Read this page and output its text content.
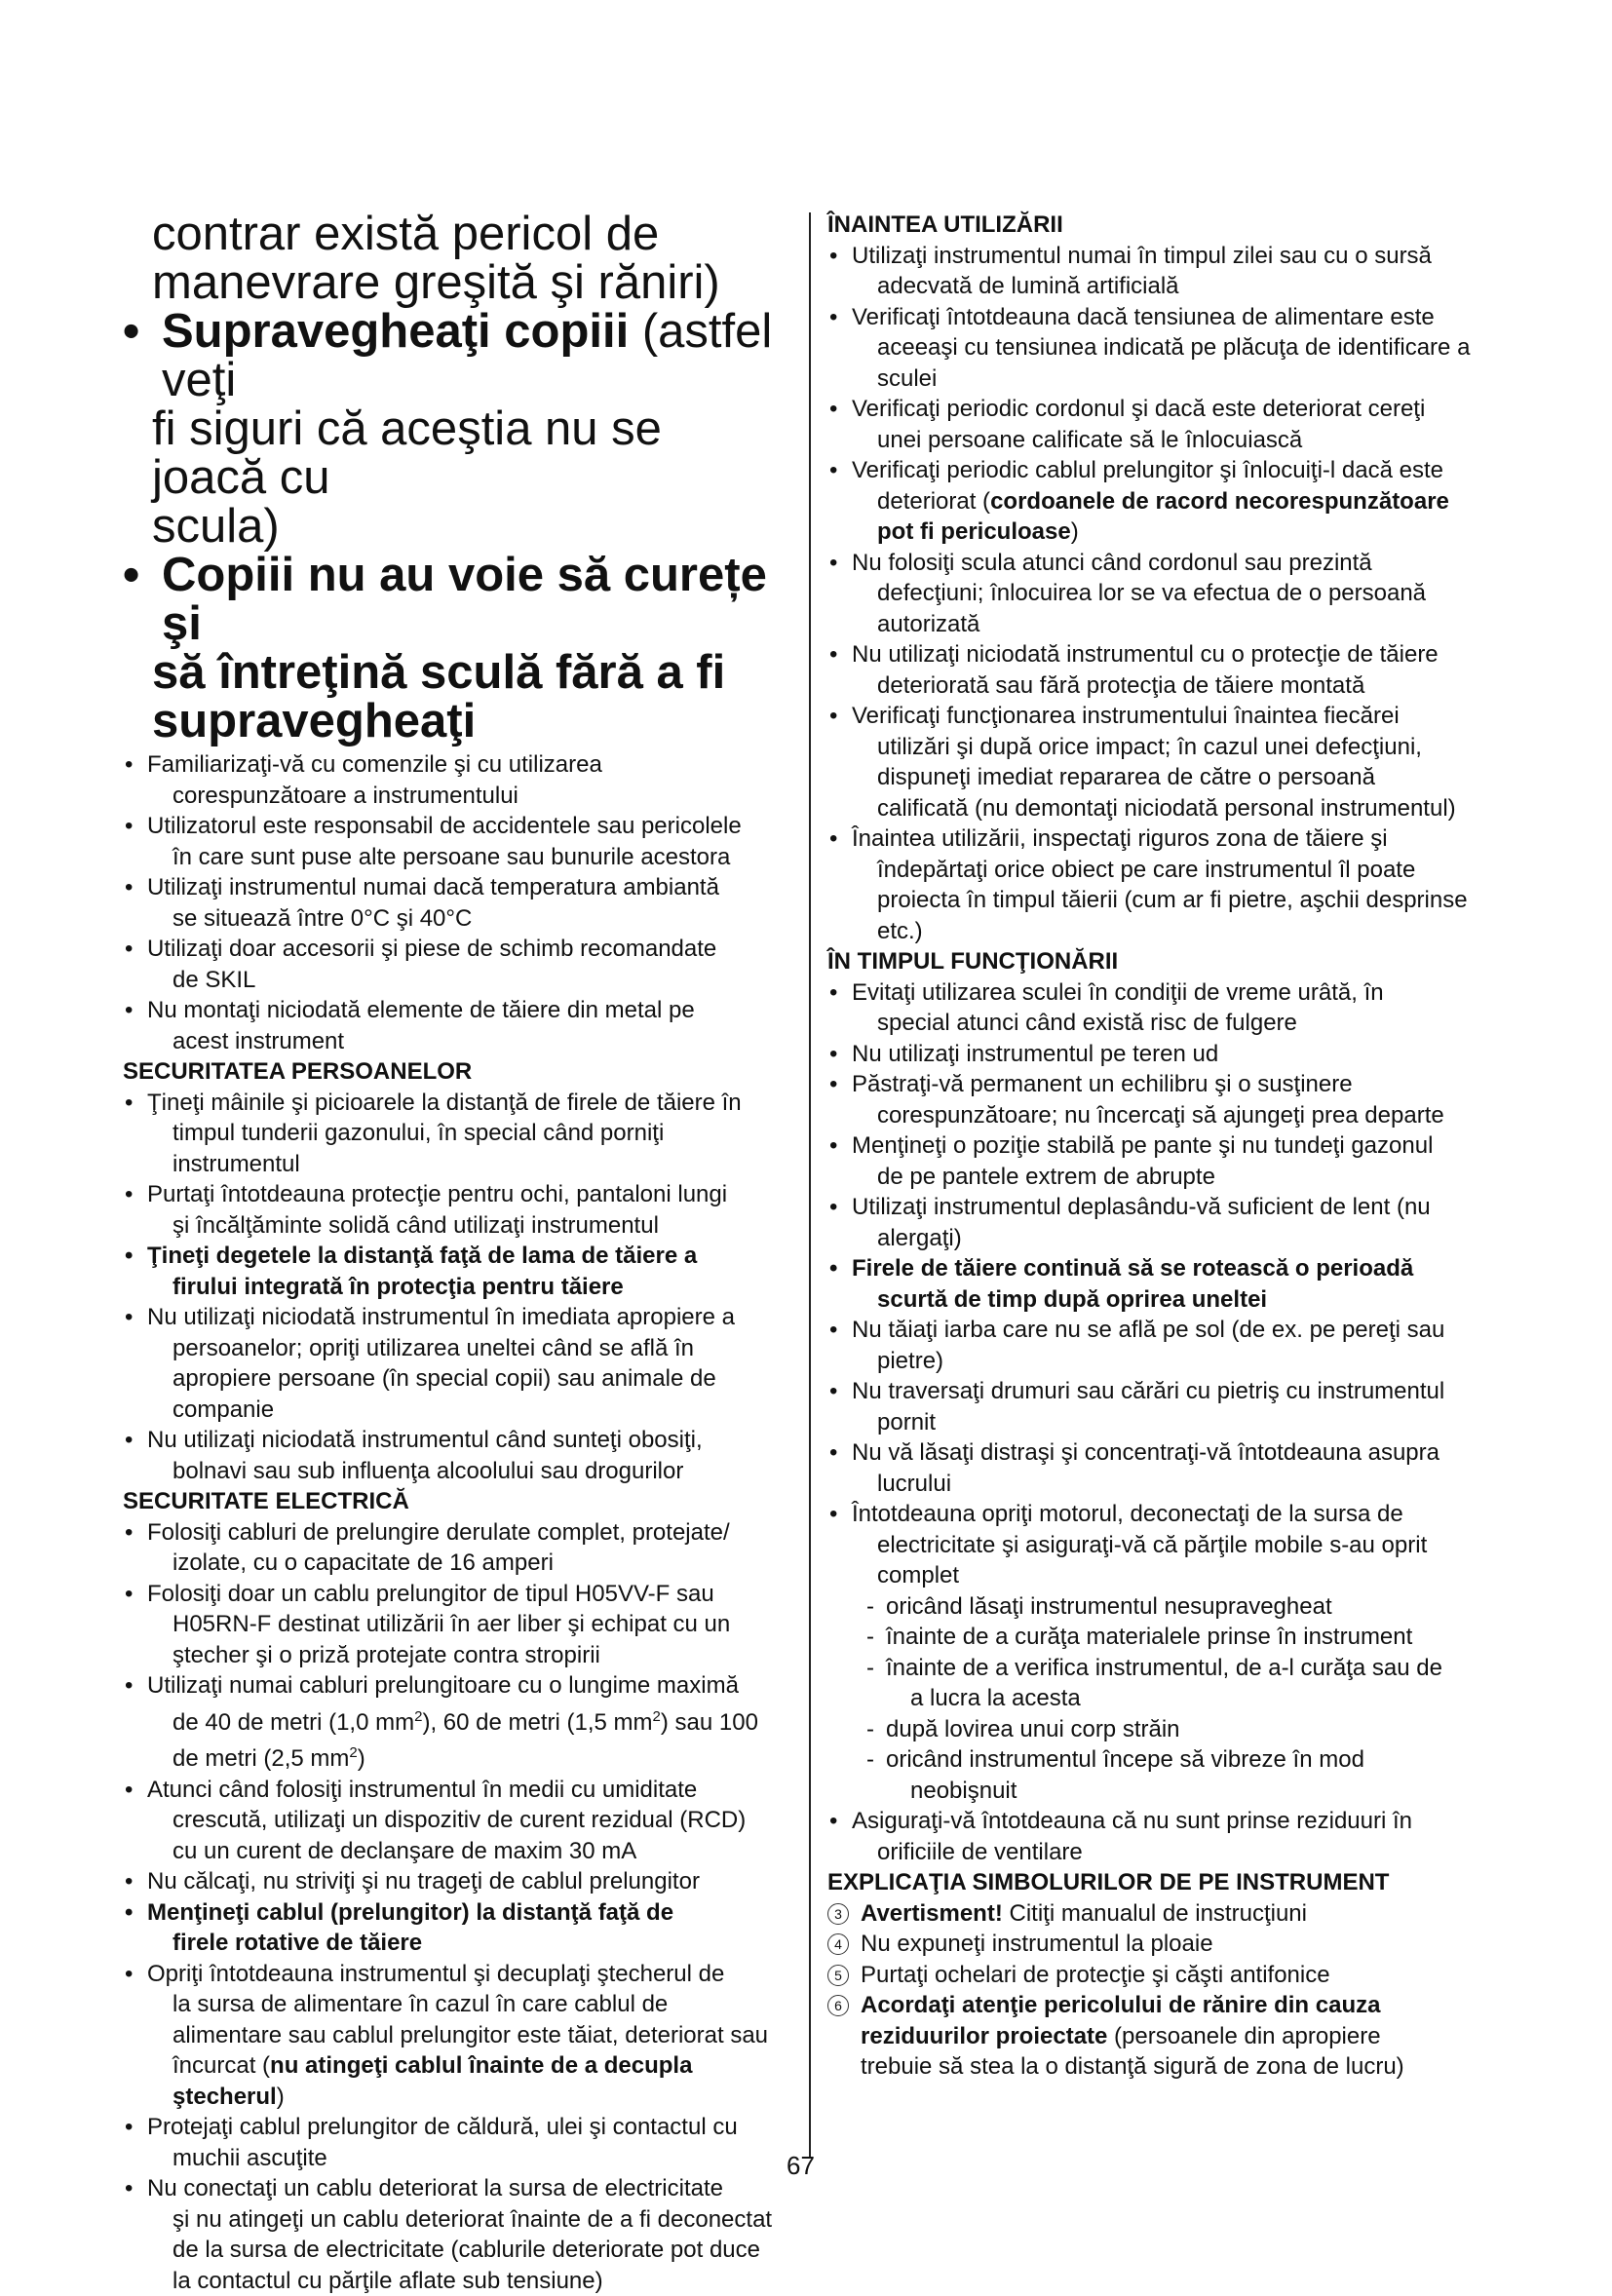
contrar există pericol de

manevrare greşită şi răniri)

• Supravegheaţi copiii (astfel veţi

fi siguri că aceştia nu se joacă cu

scula)

• Copiii nu au voie să curețe şi

să întreţină sculă fără a fi

supravegheaţi

• Familiarizaţi-vă cu comenzile şi cu utilizarea
corespunzătoare a instrumentului
• Utilizatorul este responsabil de accidentele sau pericolele
în care sunt puse alte persoane sau bunurile acestora
• Utilizaţi instrumentul numai dacă temperatura ambiantă
se situează între 0°C şi 40°C
• Utilizaţi doar accesorii şi piese de schimb recomandate
de SKIL
• Nu montaţi niciodată elemente de tăiere din metal pe
acest instrument
SECURITATEA PERSOANELOR
• Ţineţi mâinile şi picioarele la distanţă de firele de tăiere în
timpul tunderii gazonului, în special când porniţi
instrumentul
• Purtaţi întotdeauna protecţie pentru ochi, pantaloni lungi
şi încălţăminte solidă când utilizaţi instrumentul
• Ţineţi degetele la distanţă faţă de lama de tăiere a
firului integrată în protecţia pentru tăiere
• Nu utilizaţi niciodată instrumentul în imediata apropiere a
persoanelor; opriţi utilizarea uneltei când se află în
apropiere persoane (în special copii) sau animale de
companie
• Nu utilizaţi niciodată instrumentul când sunteţi obosiţi,
bolnavi sau sub influenţa alcoolului sau drogurilor
SECURITATE ELECTRICĂ
• Folosiţi cabluri de prelungire derulate complet, protejate/
izolate, cu o capacitate de 16 amperi
• Folosiţi doar un cablu prelungitor de tipul H05VV-F sau
H05RN-F destinat utilizării în aer liber şi echipat cu un
ştecher şi o priză protejate contra stropirii
• Utilizaţi numai cabluri prelungitoare cu o lungime maximă
de 40 de metri (1,0 $mm^2$), 60 de metri (1,5 $mm^2$) sau 100
de metri (2,5 $mm^2$)
• Atunci când folosiţi instrumentul în medii cu umiditate
crescută, utilizaţi un dispozitiv de curent rezidual (RCD)
cu un curent de declanşare de maxim 30 mA
• Nu călcaţi, nu striviţi şi nu trageţi de cablul prelungitor
• Menţineţi cablul (prelungitor) la distanţă faţă de
firele rotative de tăiere
• Opriţi întotdeauna instrumentul şi decuplaţi ştecherul de
la sursa de alimentare în cazul în care cablul de
alimentare sau cablul prelungitor este tăiat, deteriorat sau
încurcat (nu atingeţi cablul înainte de a decupla
ştecherul)
• Protejaţi cablul prelungitor de căldură, ulei şi contactul cu
muchii ascuţite
• Nu conectaţi un cablu deteriorat la sursa de electricitate
şi nu atingeţi un cablu deteriorat înainte de a fi deconectat
de la sursa de electricitate (cablurile deteriorate pot duce
la contactul cu părţile aflate sub tensiune)
ÎNAINTEA UTILIZĂRII
• Utilizaţi instrumentul numai în timpul zilei sau cu o sursă
adecvată de lumină artificială
• Verificaţi întotdeauna dacă tensiunea de alimentare este
aceeaşi cu tensiunea indicată pe plăcuţa de identificare a
sculei
• Verificaţi periodic cordonul şi dacă este deteriorat cereţi
unei persoane calificate să le înlocuiască
• Verificaţi periodic cablul prelungitor şi înlocuiţi-l dacă este
deteriorat (cordoanele de racord necorespunzătoare
pot fi periculoase)
• Nu folosiţi scula atunci când cordonul sau prezintă
defecţiuni; înlocuirea lor se va efectua de o persoană
autorizată
• Nu utilizaţi niciodată instrumentul cu o protecţie de tăiere
deteriorată sau fără protecţia de tăiere montată
• Verificaţi funcţionarea instrumentului înaintea fiecărei
utilizări şi după orice impact; în cazul unei defecţiuni,
dispuneţi imediat repararea de către o persoană
calificată (nu demontaţi niciodată personal instrumentul)
• Înaintea utilizării, inspectaţi riguros zona de tăiere şi
îndepărtaţi orice obiect pe care instrumentul îl poate
proiecta în timpul tăierii (cum ar fi pietre, aşchii desprinse
etc.)
ÎN TIMPUL FUNCŢIONĂRII
• Evitaţi utilizarea sculei în condiţii de vreme urâtă, în
special atunci când există risc de fulgere
• Nu utilizaţi instrumentul pe teren ud
• Păstraţi-vă permanent un echilibru şi o susţinere
corespunzătoare; nu încercaţi să ajungeţi prea departe
• Menţineţi o poziţie stabilă pe pante şi nu tundeţi gazonul
de pe pantele extrem de abrupte
• Utilizaţi instrumentul deplasându-vă suficient de lent (nu
alergaţi)
• Firele de tăiere continuă să se rotească o perioadă
scurtă de timp după oprirea uneltei
• Nu tăiaţi iarba care nu se află pe sol (de ex. pe pereţi sau
pietre)
• Nu traversaţi drumuri sau cărări cu pietriş cu instrumentul
pornit
• Nu vă lăsaţi distraşi şi concentraţi-vă întotdeauna asupra
lucrului
• Întotdeauna opriţi motorul, deconectaţi de la sursa de
electricitate şi asiguraţi-vă că părţile mobile s-au oprit
complet
- oricând lăsaţi instrumentul nesupravegheat
- înainte de a curăţa materialele prinse în instrument
- înainte de a verifica instrumentul, de a-l curăţa sau de
a lucra la acesta
- după lovirea unui corp străin
- oricând instrumentul începe să vibreze în mod
neobişnuit
• Asiguraţi-vă întotdeauna că nu sunt prinse reziduuri în
orificiile de ventilare
EXPLICAŢIA SIMBOLURILOR DE PE INSTRUMENT
3 Avertisment! Citiţi manualul de instrucţiuni
4 Nu expuneţi instrumentul la ploaie
5 Purtaţi ochelari de protecţie şi căşti antifonice
6 Acordaţi atenţie pericolului de rănire din cauza
reziduurilor proiectate (persoanele din apropiere
trebuie să stea la o distanţă sigură de zona de lucru)
67
